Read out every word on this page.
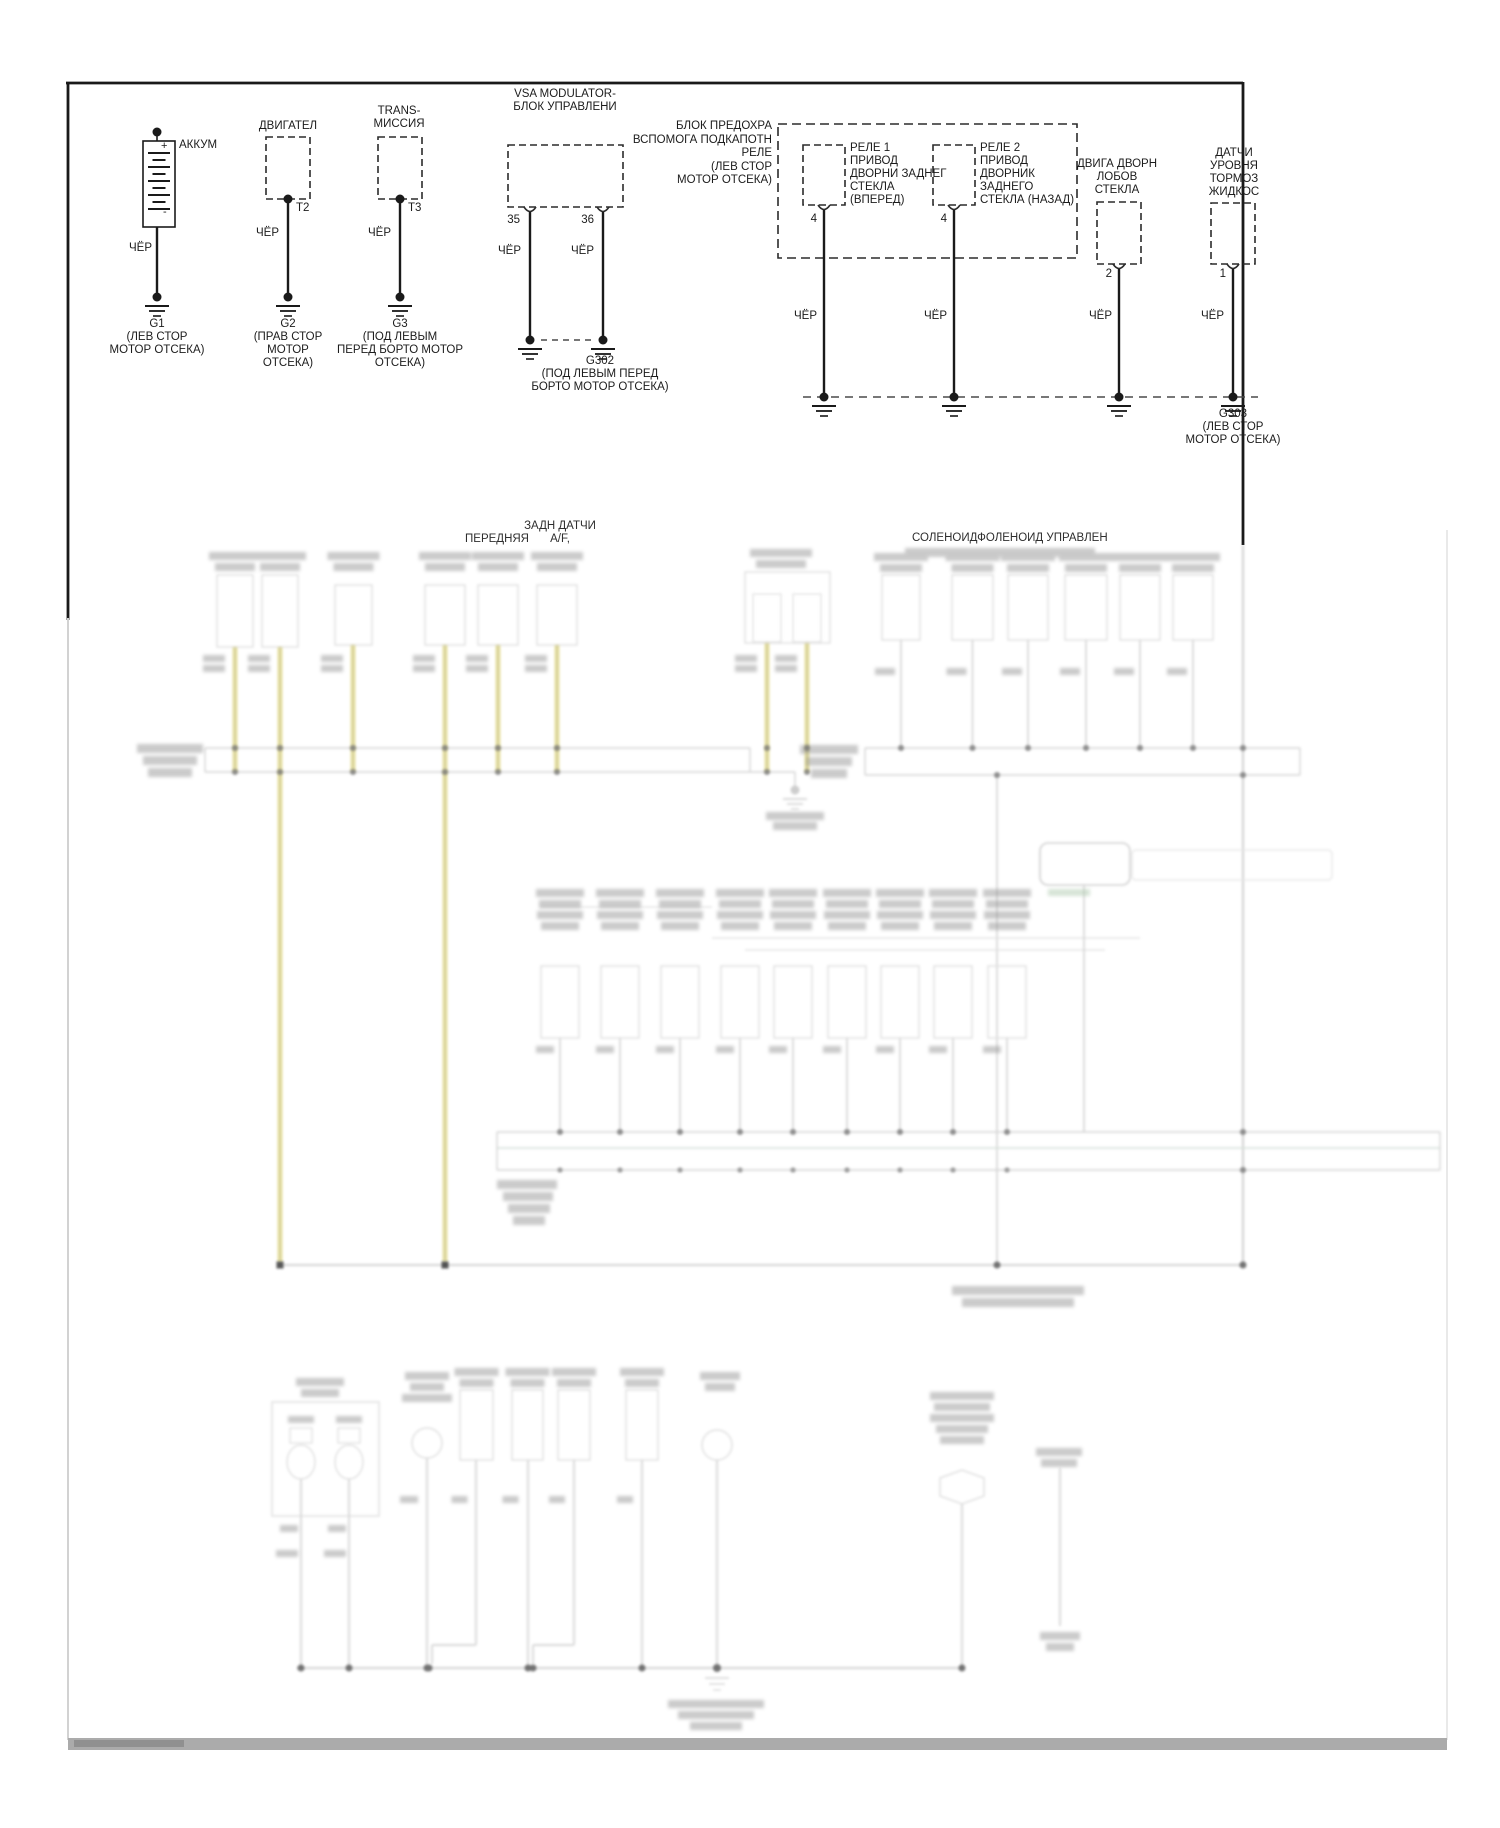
АККУМ
+
-
ЧЁР
G1
(ЛЕВ СТОР
МОТОР ОТСЕКА)
ДВИГАТЕЛ
T2
ЧЁР
G2
(ПРАВ СТОР
МОТОР
ОТСЕКА)
TRANS-
МИССИЯ
T3
ЧЁР
G3
(ПОД ЛЕВЫМ
ПЕРЕД БОРТО МОТОР
ОТСЕКА)
VSA MODULATOR-
БЛОК УПРАВЛЕНИ
35	36
ЧЁР	ЧЁР
G302
(ПОД ЛЕВЫМ ПЕРЕД
БОРТО МОТОР ОТСЕКА)
БЛОК ПРЕДОХРА
ВСПОМОГА ПОДКАПОТН
РЕЛЕ
(ЛЕВ СТОР
МОТОР ОТСЕКА)
РЕЛЕ 1
ПРИВОД
ДВОРНИ ЗАДНЕГ
СТЕКЛА
(ВПЕРЕД)
4
ЧЁР
РЕЛЕ 2
ПРИВОД
ДВОРНИК
ЗАДНЕГО
СТЕКЛА (НАЗАД)
4
ЧЁР
ДВИГА ДВОРН
ЛОБОВ
СТЕКЛА
2
ЧЁР
ДАТЧИ
УРОВНЯ
ТОРМОЗ
ЖИДКОС
1
ЧЁР
G303
(ЛЕВ СТОР
МОТОР ОТСЕКА)
ПЕРЕДНЯЯ
ЗАДН ДАТЧИ
A/F,	СОЛЕНОИДФОЛЕНОИД УПРАВЛЕН
